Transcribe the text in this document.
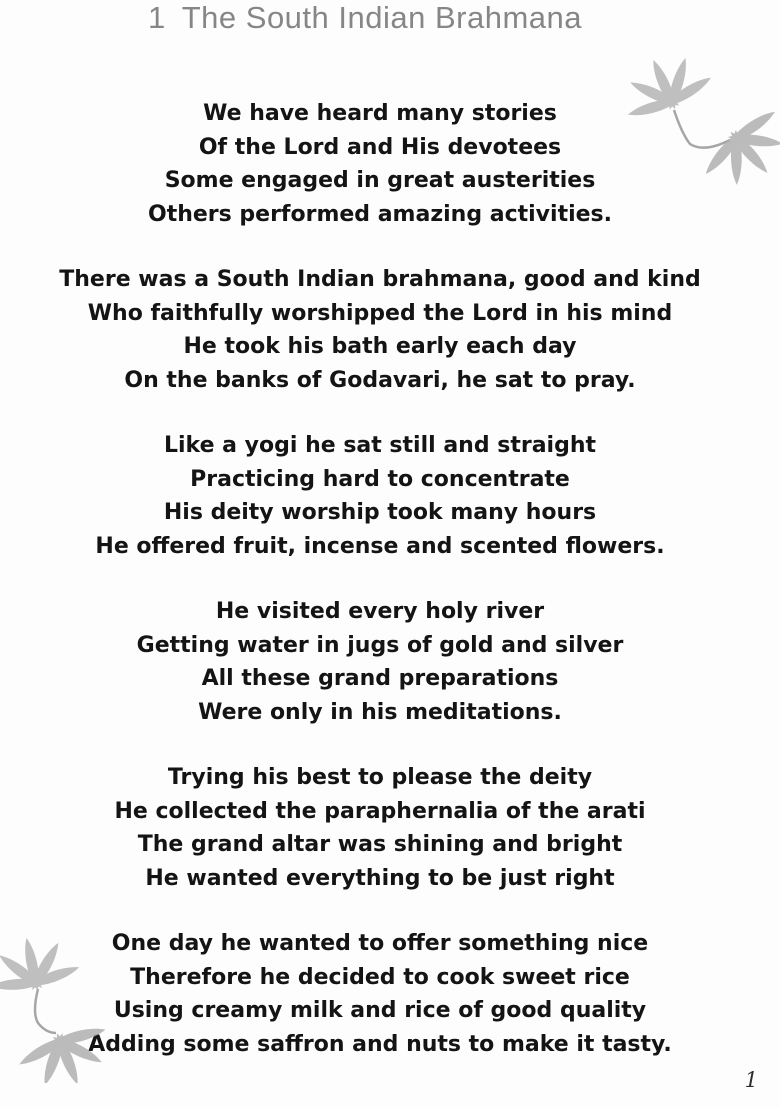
1 The South Indian Brahmana
We have heard many stories
Of the Lord and His devotees
Some engaged in great austerities
Others performed amazing activities.
There was a South Indian brahmana, good and kind
Who faithfully worshipped the Lord in his mind
He took his bath early each day
On the banks of Godavari, he sat to pray.
Like a yogi he sat still and straight
Practicing hard to concentrate
His deity worship took many hours
He offered fruit, incense and scented flowers.
He visited every holy river
Getting water in jugs of gold and silver
All these grand preparations
Were only in his meditations.
Trying his best to please the deity
He collected the paraphernalia of the arati
The grand altar was shining and bright
He wanted everything to be just right
One day he wanted to offer something nice
Therefore he decided to cook sweet rice
Using creamy milk and rice of good quality
Adding some saffron and nuts to make it tasty.
1
